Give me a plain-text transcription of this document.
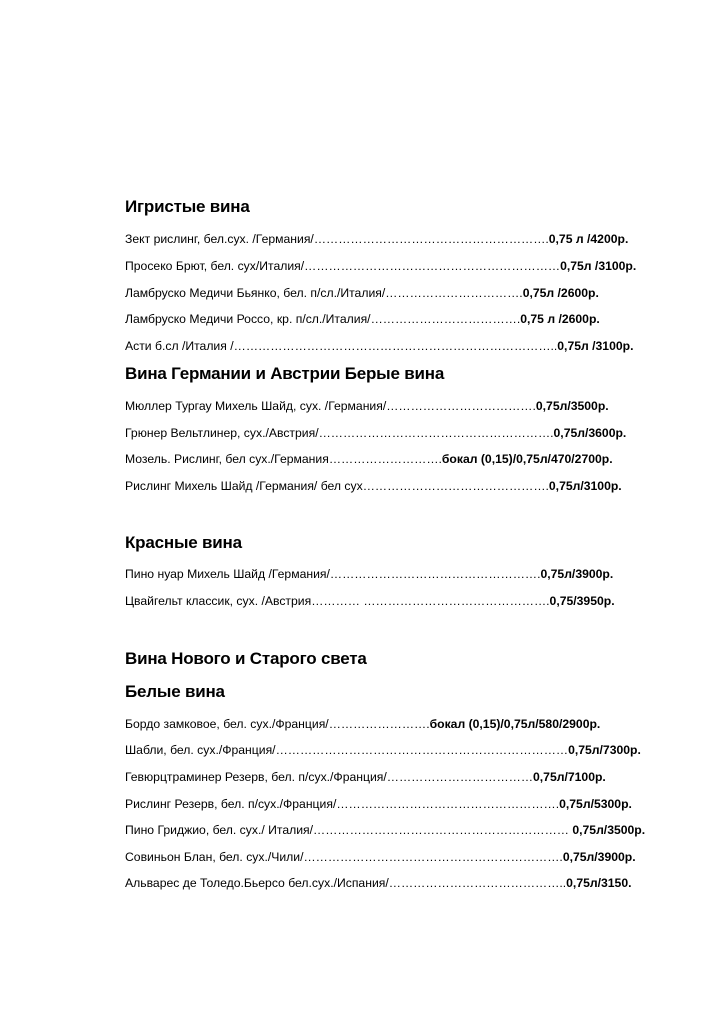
Игристые вина
Зект рислинг, бел.сух. /Германия/………………………………………………….0,75 л /4200р.
Просеко Брют, бел. сух/Италия/………………………………………………………0,75л /3100р.
Ламбруско Медичи Бьянко, бел. п/сл./Италия/…………………………….0,75л /2600р.
Ламбруско Медичи Россо, кр. п/сл./Италия/……………………………….0,75 л /2600р.
Асти б.сл /Италия /……………………………………………………………………..0,75л /3100р.
Вина Германии и Австрии Берые вина
Мюллер Тургау Михель Шайд, сух. /Германия/……………………………….0,75л/3500р.
Грюнер Вельтлинер, сух./Австрия/………………………………………………….0,75л/3600р.
Мозель. Рислинг, бел сух./Германия……………………….бокал (0,15)/0,75л/470/2700р.
Рислинг Михель Шайд /Германия/ бел сух……………………………………….0,75л/3100р.
Красные вина
Пино нуар Михель Шайд /Германия/…………………………………………….0,75л/3900р.
Цвайгельт классик, сух. /Австрия………… ……………………………………….0,75/3950р.
Вина Нового и Старого света
Белые вина
Бордо замковое, бел. сух./Франция/…………………….бокал (0,15)/0,75л/580/2900р.
Шабли, бел. сух./Франция/………………………………………………………………0,75л/7300р.
Гевюрцтраминер Резерв, бел. п/сух./Франция/………………………………0,75л/7100р.
Рислинг Резерв, бел. п/сух./Франция/……………………………………………….0,75л/5300р.
Пино Гриджио, бел. сух./ Италия/……………………………………………………… 0,75л/3500р.
Совиньон Блан, бел. сух./Чили/……………………………………………………….0,75л/3900р.
Альварес де Толедо.Бьерсо бел.сух./Испания/……………………………………..0,75л/3150.
